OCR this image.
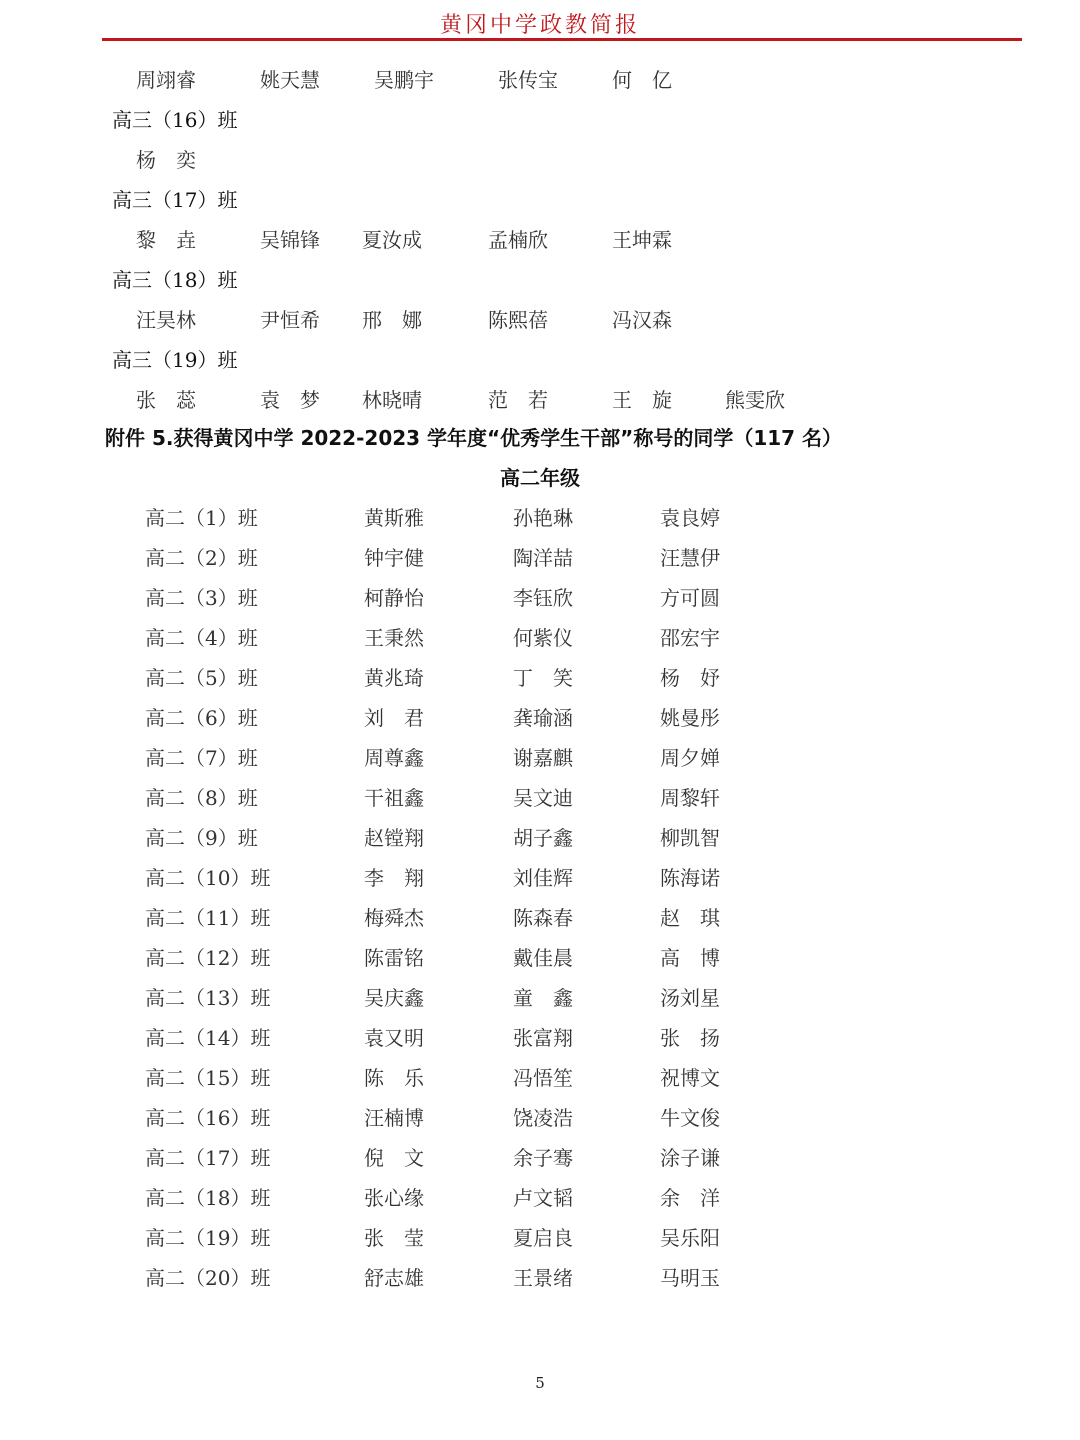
黄冈中学政教简报
周翊睿	姚天慧	吴鹏宇	张传宝	何　亿
高三（16）班
杨　奕
高三（17）班
黎　垚	吴锦锋 夏汝成	孟楠欣	王坤霖
高三（18）班
汪昊林	尹恒希 邢　娜	陈熙蓓	冯汉森
高三（19）班
张　蕊	袁　梦 林晓晴	范　若	王　旋	熊雯欣
附件 5.获得黄冈中学 2022-2023 学年度“优秀学生干部”称号的同学（117 名）
高二年级
高二（1）班	黄斯雅	孙艳琳	袁良婷
高二（2）班	钟宇健	陶洋喆	汪慧伊
高二（3）班	柯静怡	李钰欣	方可圆
高二（4）班	王秉然	何紫仪	邵宏宇
高二（5）班	黄兆琦	丁　笑	杨　妤
高二（6）班	刘　君	龚瑜涵	姚曼彤
高二（7）班	周尊鑫	谢嘉麒	周夕婵
高二（8）班	干祖鑫	吴文迪	周黎轩
高二（9）班	赵镗翔	胡子鑫	柳凯智
高二（10）班	李　翔	刘佳辉	陈海诺
高二（11）班	梅舜杰	陈森春	赵　琪
高二（12）班	陈雷铭	戴佳晨	高　博
高二（13）班	吴庆鑫	童　鑫	汤刘星
高二（14）班	袁又明	张富翔	张　扬
高二（15）班	陈　乐	冯悟笙	祝博文
高二（16）班	汪楠博	饶凌浩	牛文俊
高二（17）班	倪　文	余子骞	涂子谦
高二（18）班	张心缘	卢文韬	余　洋
高二（19）班	张　莹	夏启良	吴乐阳
高二（20）班	舒志雄	王景绪	马明玉
5
